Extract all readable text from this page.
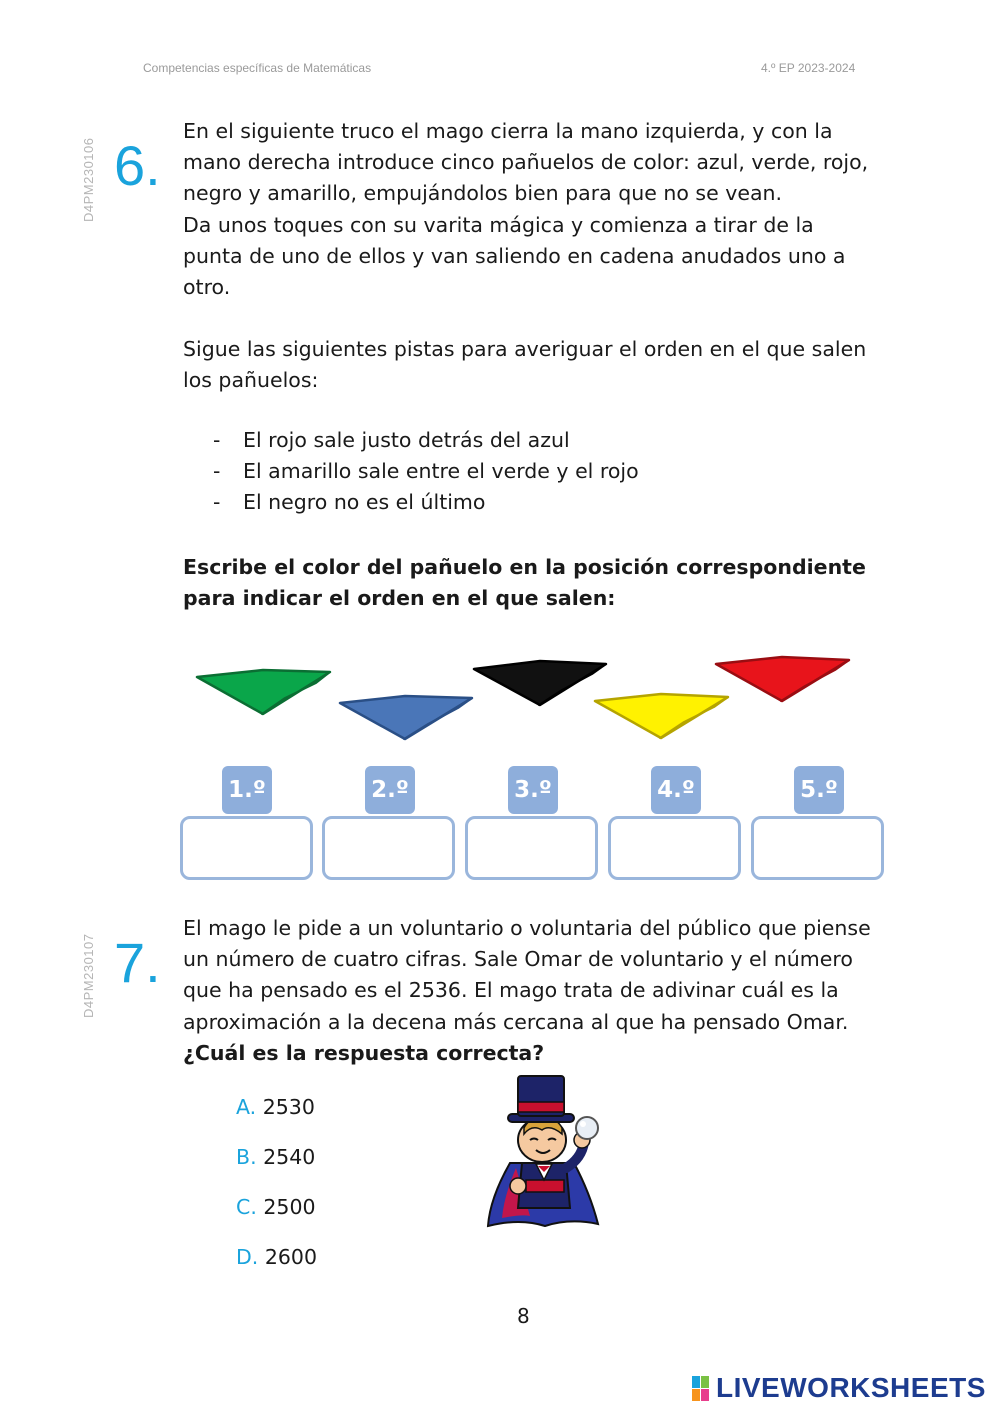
Competencias específicas de Matemáticas	4.º EP 2023-2024
D4PM230106 6.

En el siguiente truco el mago cierra la mano izquierda, y con la

mano derecha introduce cinco pañuelos de color: azul, verde, rojo,

negro y amarillo, empujándolos bien para que no se vean.

Da unos toques con su varita mágica y comienza a tirar de la

punta de uno de ellos y van saliendo en cadena anudados uno a

otro.

Sigue las siguientes pistas para averiguar el orden en el que salen

los pañuelos:

- El rojo sale justo detrás del azul
- El amarillo sale entre el verde y el rojo
- El negro no es el último

Escribe el color del pañuelo en la posición correspondiente

para indicar el orden en el que salen:

1.º	2.º	3.º	4.º	5.º
D4PM230107 7.

El mago le pide a un voluntario o voluntaria del público que piense

un número de cuatro cifras. Sale Omar de voluntario y el número

que ha pensado es el 2536. El mago trata de adivinar cuál es la

aproximación a la decena más cercana al que ha pensado Omar.

¿Cuál es la respuesta correcta?

A. 2530
B. 2540
C. 2500
D. 2600
8
LIVEWORKSHEETS
